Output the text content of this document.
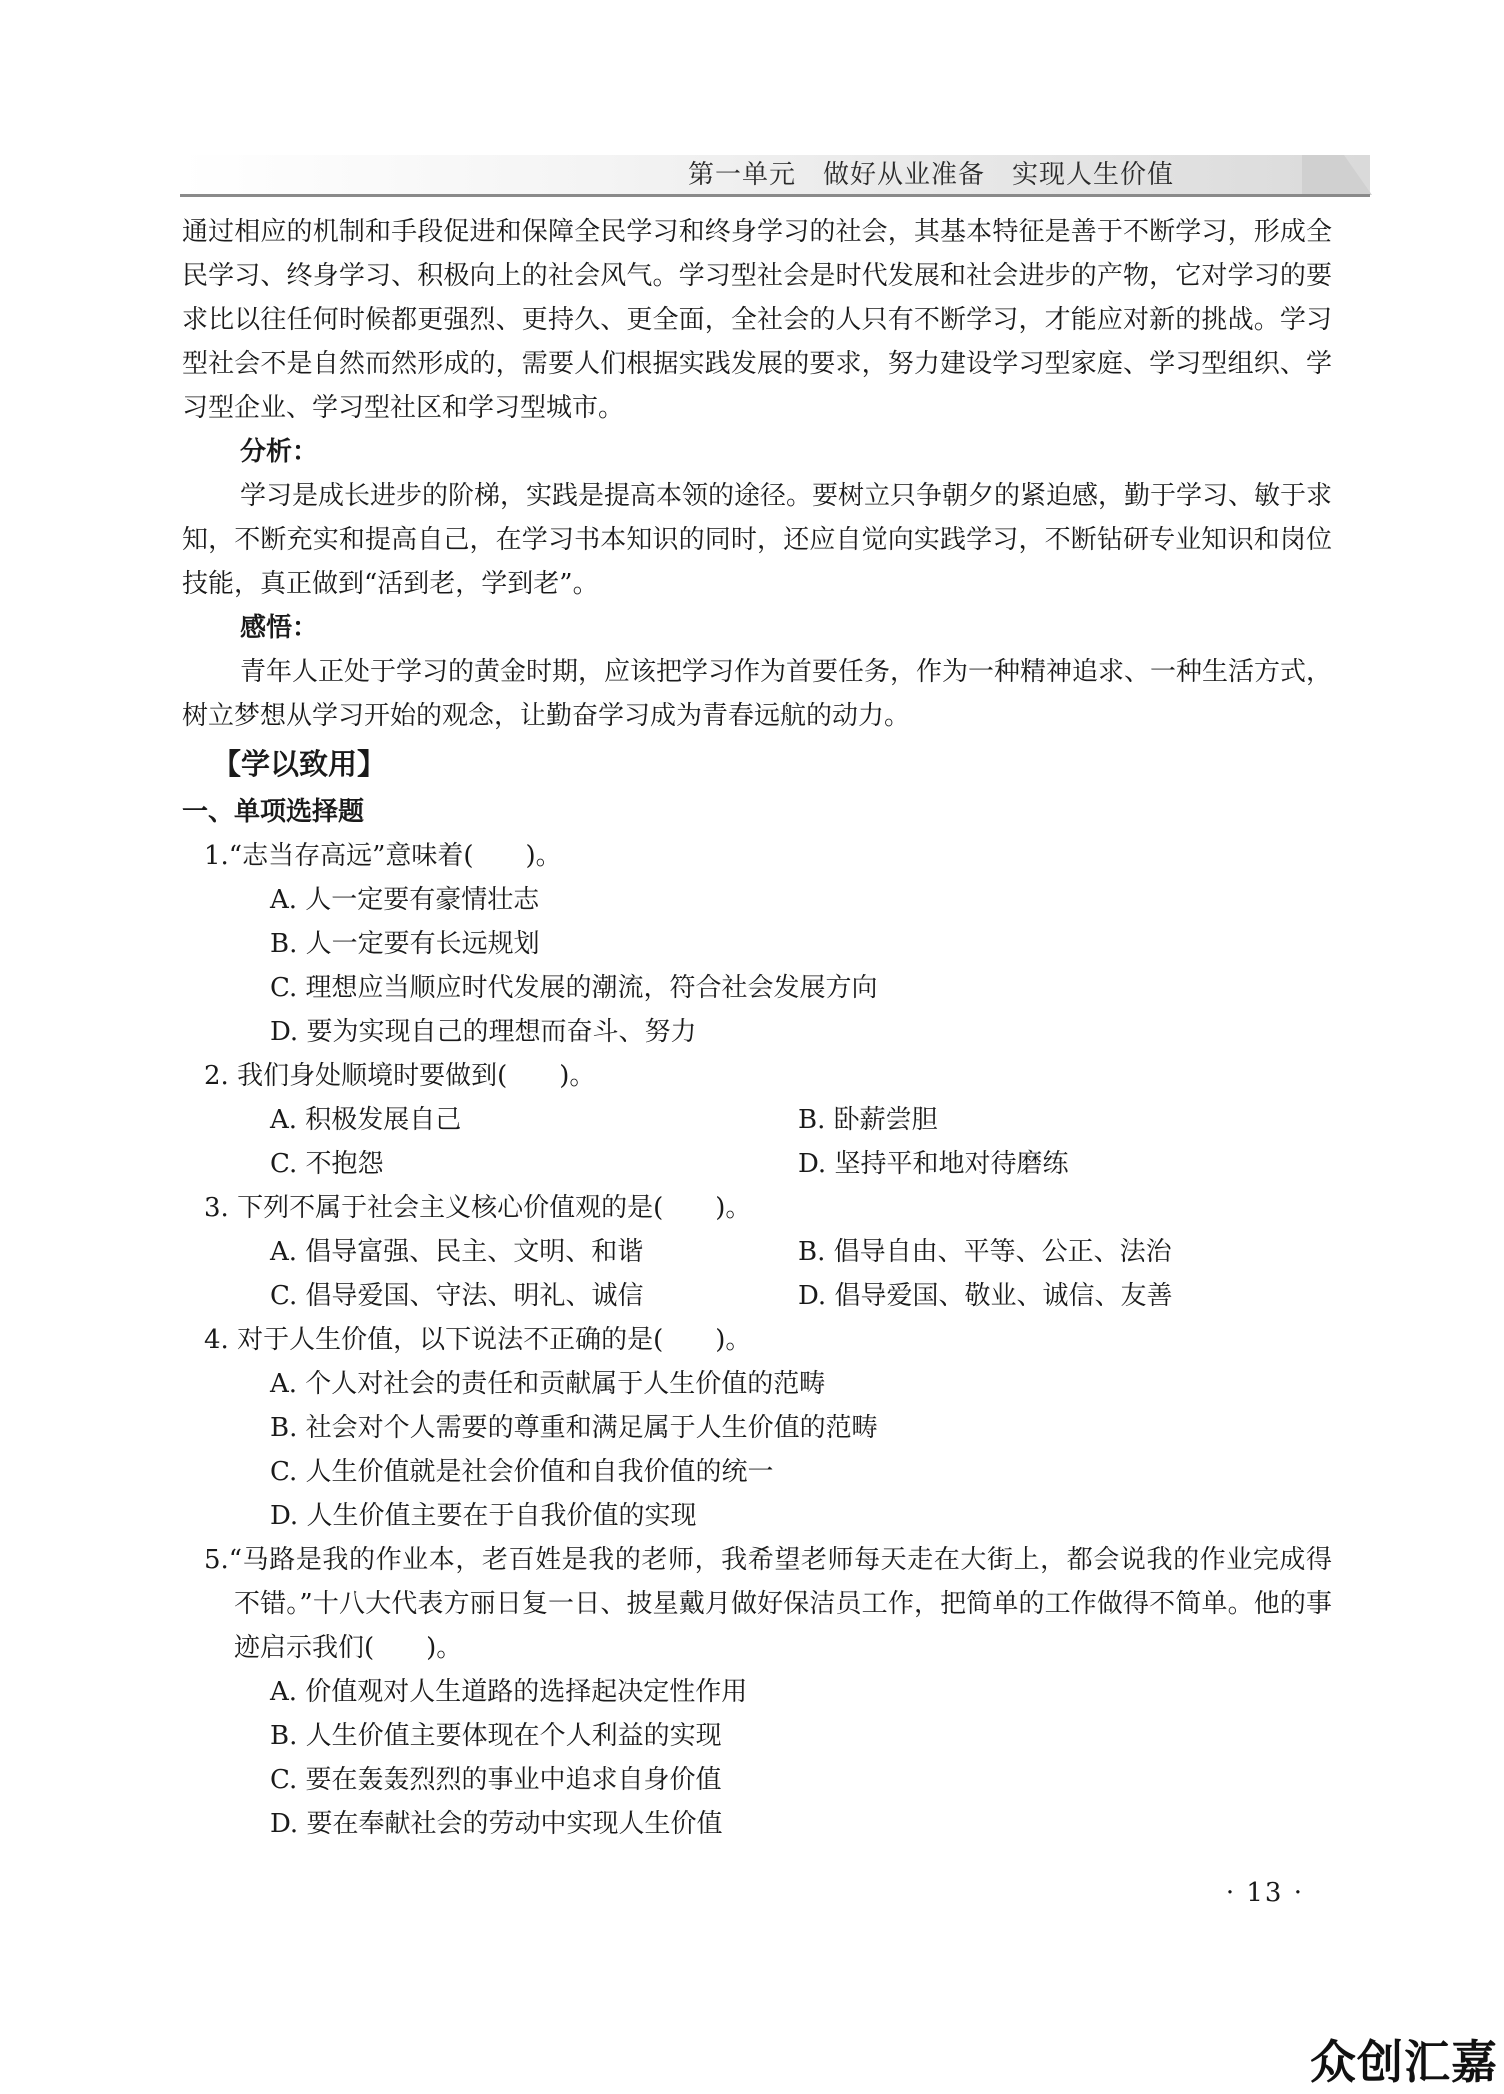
第一单元　做好从业准备　实现人生价值

通过相应的机制和手段促进和保障全民学习和终身学习的社会，其基本特征是善于不断学习，形成全民学习、终身学习、积极向上的社会风气。学习型社会是时代发展和社会进步的产物，它对学习的要求比以往任何时候都更强烈、更持久、更全面，全社会的人只有不断学习，才能应对新的挑战。学习型社会不是自然而然形成的，需要人们根据实践发展的要求，努力建设学习型家庭、学习型组织、学习型企业、学习型社区和学习型城市。

分析：

学习是成长进步的阶梯，实践是提高本领的途径。要树立只争朝夕的紧迫感，勤于学习、敏于求知，不断充实和提高自己，在学习书本知识的同时，还应自觉向实践学习，不断钻研专业知识和岗位技能，真正做到“活到老，学到老”。

感悟：

青年人正处于学习的黄金时期，应该把学习作为首要任务，作为一种精神追求、一种生活方式，树立梦想从学习开始的观念，让勤奋学习成为青春远航的动力。

【学以致用】

一、单项选择题

1.“志当存高远”意味着(　　)。

A. 人一定要有豪情壮志

B. 人一定要有长远规划

C. 理想应当顺应时代发展的潮流，符合社会发展方向

D. 要为实现自己的理想而奋斗、努力

2. 我们身处顺境时要做到(　　)。

A. 积极发展自己	B. 卧薪尝胆
C. 不抱怨	D. 坚持平和地对待磨练

3. 下列不属于社会主义核心价值观的是(　　)。

A. 倡导富强、民主、文明、和谐	B. 倡导自由、平等、公正、法治
C. 倡导爱国、守法、明礼、诚信	D. 倡导爱国、敬业、诚信、友善

4. 对于人生价值，以下说法不正确的是(　　)。

A. 个人对社会的责任和贡献属于人生价值的范畴

B. 社会对个人需要的尊重和满足属于人生价值的范畴

C. 人生价值就是社会价值和自我价值的统一

D. 人生价值主要在于自我价值的实现

5.“马路是我的作业本，老百姓是我的老师，我希望老师每天走在大街上，都会说我的作业完成得不错。”十八大代表方丽日复一日、披星戴月做好保洁员工作，把简单的工作做得不简单。他的事迹启示我们(　　)。

A. 价值观对人生道路的选择起决定性作用

B. 人生价值主要体现在个人利益的实现

C. 要在轰轰烈烈的事业中追求自身价值

D. 要在奉献社会的劳动中实现人生价值

· 13 ·
众创汇嘉
